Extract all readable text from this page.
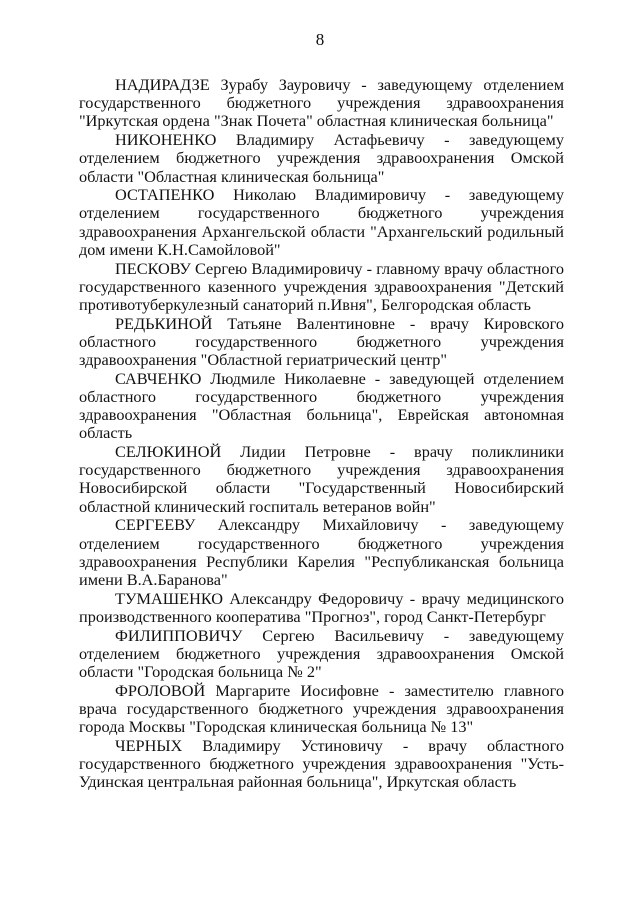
8

НАДИРАДЗЕ Зурабу Зауровичу - заведующему отделением государственного бюджетного учреждения здравоохранения "Иркутская ордена "Знак Почета" областная клиническая больница"

НИКОНЕНКО Владимиру Астафьевичу - заведующему отделением бюджетного учреждения здравоохранения Омской области "Областная клиническая больница"

ОСТАПЕНКО Николаю Владимировичу - заведующему отделением государственного бюджетного учреждения здравоохранения Архангельской области "Архангельский родильный дом имени К.Н.Самойловой"

ПЕСКОВУ Сергею Владимировичу - главному врачу областного государственного казенного учреждения здравоохранения "Детский противотуберкулезный санаторий п.Ивня", Белгородская область

РЕДЬКИНОЙ Татьяне Валентиновне - врачу Кировского областного государственного бюджетного учреждения здравоохранения "Областной гериатрический центр"

САВЧЕНКО Людмиле Николаевне - заведующей отделением областного государственного бюджетного учреждения здравоохранения "Областная больница", Еврейская автономная область

СЕЛЮКИНОЙ Лидии Петровне - врачу поликлиники государственного бюджетного учреждения здравоохранения Новосибирской области "Государственный Новосибирский областной клинический госпиталь ветеранов войн"

СЕРГЕЕВУ Александру Михайловичу - заведующему отделением государственного бюджетного учреждения здравоохранения Республики Карелия "Республиканская больница имени В.А.Баранова"

ТУМАШЕНКО Александру Федоровичу - врачу медицинского производственного кооператива "Прогноз", город Санкт-Петербург

ФИЛИППОВИЧУ Сергею Васильевичу - заведующему отделением бюджетного учреждения здравоохранения Омской области "Городская больница № 2"

ФРОЛОВОЙ Маргарите Иосифовне - заместителю главного врача государственного бюджетного учреждения здравоохранения города Москвы "Городская клиническая больница № 13"

ЧЕРНЫХ Владимиру Устиновичу - врачу областного государственного бюджетного учреждения здравоохранения "Усть-Удинская центральная районная больница", Иркутская область
